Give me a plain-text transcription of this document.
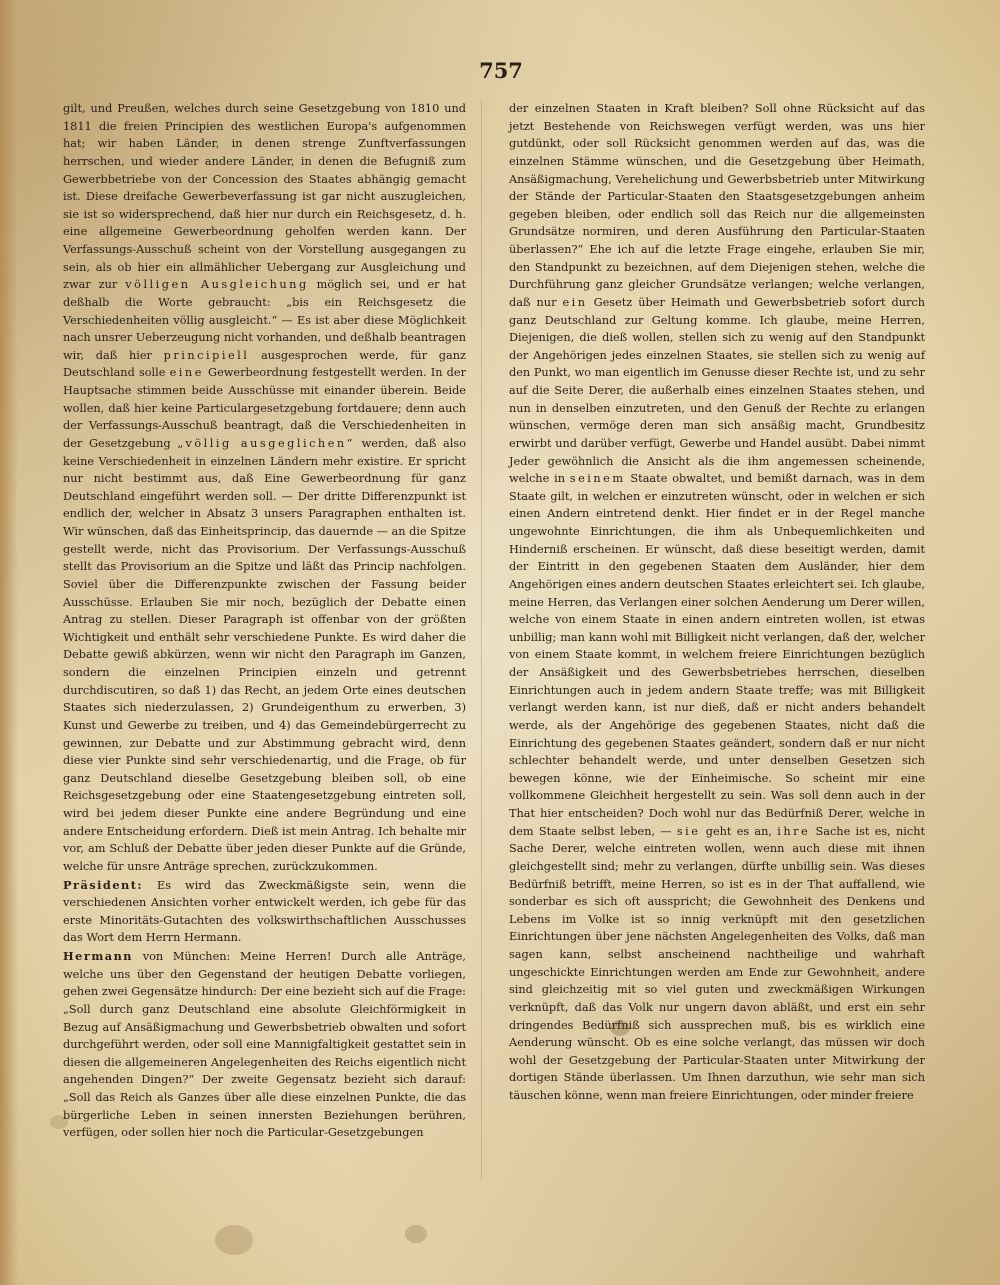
757

gilt, und Preußen, welches durch seine Gesetzgebung von 1810 und 1811 die freien Principien des westlichen Europa's aufgenommen hat; wir haben Länder, in denen strenge Zunftverfassungen herrschen, und wieder andere Länder, in denen die Befugniß zum Gewerbbetriebe von der Concession des Staates abhängig gemacht ist. Diese dreifache Gewerbeverfassung ist gar nicht auszugleichen, sie ist so widersprechend, daß hier nur durch ein Reichsgesetz, d. h. eine allgemeine Gewerbeordnung geholfen werden kann. Der Verfassungs-Ausschuß scheint von der Vorstellung ausgegangen zu sein, als ob hier ein allmählicher Uebergang zur Ausgleichung und zwar zur völligen Ausgleichung möglich sei, und er hat deßhalb die Worte gebraucht: „bis ein Reichsgesetz die Verschiedenheiten völlig ausgleicht.“ — Es ist aber diese Möglichkeit nach unsrer Ueberzeugung nicht vorhanden, und deßhalb beantragen wir, daß hier principiell ausgesprochen werde, für ganz Deutschland solle eine Gewerbeordnung festgestellt werden. In der Hauptsache stimmen beide Ausschüsse mit einander überein. Beide wollen, daß hier keine Particulargesetzgebung fortdauere; denn auch der Verfassungs-Ausschuß beantragt, daß die Verschiedenheiten in der Gesetzgebung „völlig ausgeglichen“ werden, daß also keine Verschiedenheit in einzelnen Ländern mehr existire. Er spricht nur nicht bestimmt aus, daß Eine Gewerbeordnung für ganz Deutschland eingeführt werden soll. — Der dritte Differenzpunkt ist endlich der, welcher in Absatz 3 unsers Paragraphen enthalten ist. Wir wünschen, daß das Einheitsprincip, das dauernde — an die Spitze gestellt werde, nicht das Provisorium. Der Verfassungs-Ausschuß stellt das Provisorium an die Spitze und läßt das Princip nachfolgen. Soviel über die Differenzpunkte zwischen der Fassung beider Ausschüsse. Erlauben Sie mir noch, bezüglich der Debatte einen Antrag zu stellen. Dieser Paragraph ist offenbar von der größten Wichtigkeit und enthält sehr verschiedene Punkte. Es wird daher die Debatte gewiß abkürzen, wenn wir nicht den Paragraph im Ganzen, sondern die einzelnen Principien einzeln und getrennt durchdiscutiren, so daß 1) das Recht, an jedem Orte eines deutschen Staates sich niederzulassen, 2) Grundeigenthum zu erwerben, 3) Kunst und Gewerbe zu treiben, und 4) das Gemeindebürgerrecht zu gewinnen, zur Debatte und zur Abstimmung gebracht wird, denn diese vier Punkte sind sehr verschiedenartig, und die Frage, ob für ganz Deutschland dieselbe Gesetzgebung bleiben soll, ob eine Reichsgesetzgebung oder eine Staatengesetzgebung eintreten soll, wird bei jedem dieser Punkte eine andere Begründung und eine andere Entscheidung erfordern. Dieß ist mein Antrag. Ich behalte mir vor, am Schluß der Debatte über jeden dieser Punkte auf die Gründe, welche für unsre Anträge sprechen, zurückzukommen.

Präsident: Es wird das Zweckmäßigste sein, wenn die verschiedenen Ansichten vorher entwickelt werden, ich gebe für das erste Minoritäts-Gutachten des volkswirthschaftlichen Ausschusses das Wort dem Herrn Hermann.

Hermann von München: Meine Herren! Durch alle Anträge, welche uns über den Gegenstand der heutigen Debatte vorliegen, gehen zwei Gegensätze hindurch: Der eine bezieht sich auf die Frage: „Soll durch ganz Deutschland eine absolute Gleichförmigkeit in Bezug auf Ansäßigmachung und Gewerbsbetrieb obwalten und sofort durchgeführt werden, oder soll eine Mannigfaltigkeit gestattet sein in diesen die allgemeineren Angelegenheiten des Reichs eigentlich nicht angehenden Dingen?“ Der zweite Gegensatz bezieht sich darauf: „Soll das Reich als Ganzes über alle diese einzelnen Punkte, die das bürgerliche Leben in seinen innersten Beziehungen berühren, verfügen, oder sollen hier noch die Particular-Gesetzgebungen

der einzelnen Staaten in Kraft bleiben? Soll ohne Rücksicht auf das jetzt Bestehende von Reichswegen verfügt werden, was uns hier gutdünkt, oder soll Rücksicht genommen werden auf das, was die einzelnen Stämme wünschen, und die Gesetzgebung über Heimath, Ansäßigmachung, Verehelichung und Gewerbsbetrieb unter Mitwirkung der Stände der Particular-Staaten den Staatsgesetzgebungen anheim gegeben bleiben, oder endlich soll das Reich nur die allgemeinsten Grundsätze normiren, und deren Ausführung den Particular-Staaten überlassen?“ Ehe ich auf die letzte Frage eingehe, erlauben Sie mir, den Standpunkt zu bezeichnen, auf dem Diejenigen stehen, welche die Durchführung ganz gleicher Grundsätze verlangen; welche verlangen, daß nur ein Gesetz über Heimath und Gewerbsbetrieb sofort durch ganz Deutschland zur Geltung komme. Ich glaube, meine Herren, Diejenigen, die dieß wollen, stellen sich zu wenig auf den Standpunkt der Angehörigen jedes einzelnen Staates, sie stellen sich zu wenig auf den Punkt, wo man eigentlich im Genusse dieser Rechte ist, und zu sehr auf die Seite Derer, die außerhalb eines einzelnen Staates stehen, und nun in denselben einzutreten, und den Genuß der Rechte zu erlangen wünschen, vermöge deren man sich ansäßig macht, Grundbesitz erwirbt und darüber verfügt, Gewerbe und Handel ausübt. Dabei nimmt Jeder gewöhnlich die Ansicht als die ihm angemessen scheinende, welche in seinem Staate obwaltet, und bemißt darnach, was in dem Staate gilt, in welchen er einzutreten wünscht, oder in welchen er sich einen Andern eintretend denkt. Hier findet er in der Regel manche ungewohnte Einrichtungen, die ihm als Unbequemlichkeiten und Hinderniß erscheinen. Er wünscht, daß diese beseitigt werden, damit der Eintritt in den gegebenen Staaten dem Ausländer, hier dem Angehörigen eines andern deutschen Staates erleichtert sei. Ich glaube, meine Herren, das Verlangen einer solchen Aenderung um Derer willen, welche von einem Staate in einen andern eintreten wollen, ist etwas unbillig; man kann wohl mit Billigkeit nicht verlangen, daß der, welcher von einem Staate kommt, in welchem freiere Einrichtungen bezüglich der Ansäßigkeit und des Gewerbsbetriebes herrschen, dieselben Einrichtungen auch in jedem andern Staate treffe; was mit Billigkeit verlangt werden kann, ist nur dieß, daß er nicht anders behandelt werde, als der Angehörige des gegebenen Staates, nicht daß die Einrichtung des gegebenen Staates geändert, sondern daß er nur nicht schlechter behandelt werde, und unter denselben Gesetzen sich bewegen könne, wie der Einheimische. So scheint mir eine vollkommene Gleichheit hergestellt zu sein. Was soll denn auch in der That hier entscheiden? Doch wohl nur das Bedürfniß Derer, welche in dem Staate selbst leben, — sie geht es an, ihre Sache ist es, nicht Sache Derer, welche eintreten wollen, wenn auch diese mit ihnen gleichgestellt sind; mehr zu verlangen, dürfte unbillig sein. Was dieses Bedürfniß betrifft, meine Herren, so ist es in der That auffallend, wie sonderbar es sich oft ausspricht; die Gewohnheit des Denkens und Lebens im Volke ist so innig verknüpft mit den gesetzlichen Einrichtungen über jene nächsten Angelegenheiten des Volks, daß man sagen kann, selbst anscheinend nachtheilige und wahrhaft ungeschickte Einrichtungen werden am Ende zur Gewohnheit, andere sind gleichzeitig mit so viel guten und zweckmäßigen Wirkungen verknüpft, daß das Volk nur ungern davon abläßt, und erst ein sehr dringendes Bedürfniß sich aussprechen muß, bis es wirklich eine Aenderung wünscht. Ob es eine solche verlangt, das müssen wir doch wohl der Gesetzgebung der Particular-Staaten unter Mitwirkung der dortigen Stände überlassen. Um Ihnen darzuthun, wie sehr man sich täuschen könne, wenn man freiere Einrichtungen, oder minder freiere
